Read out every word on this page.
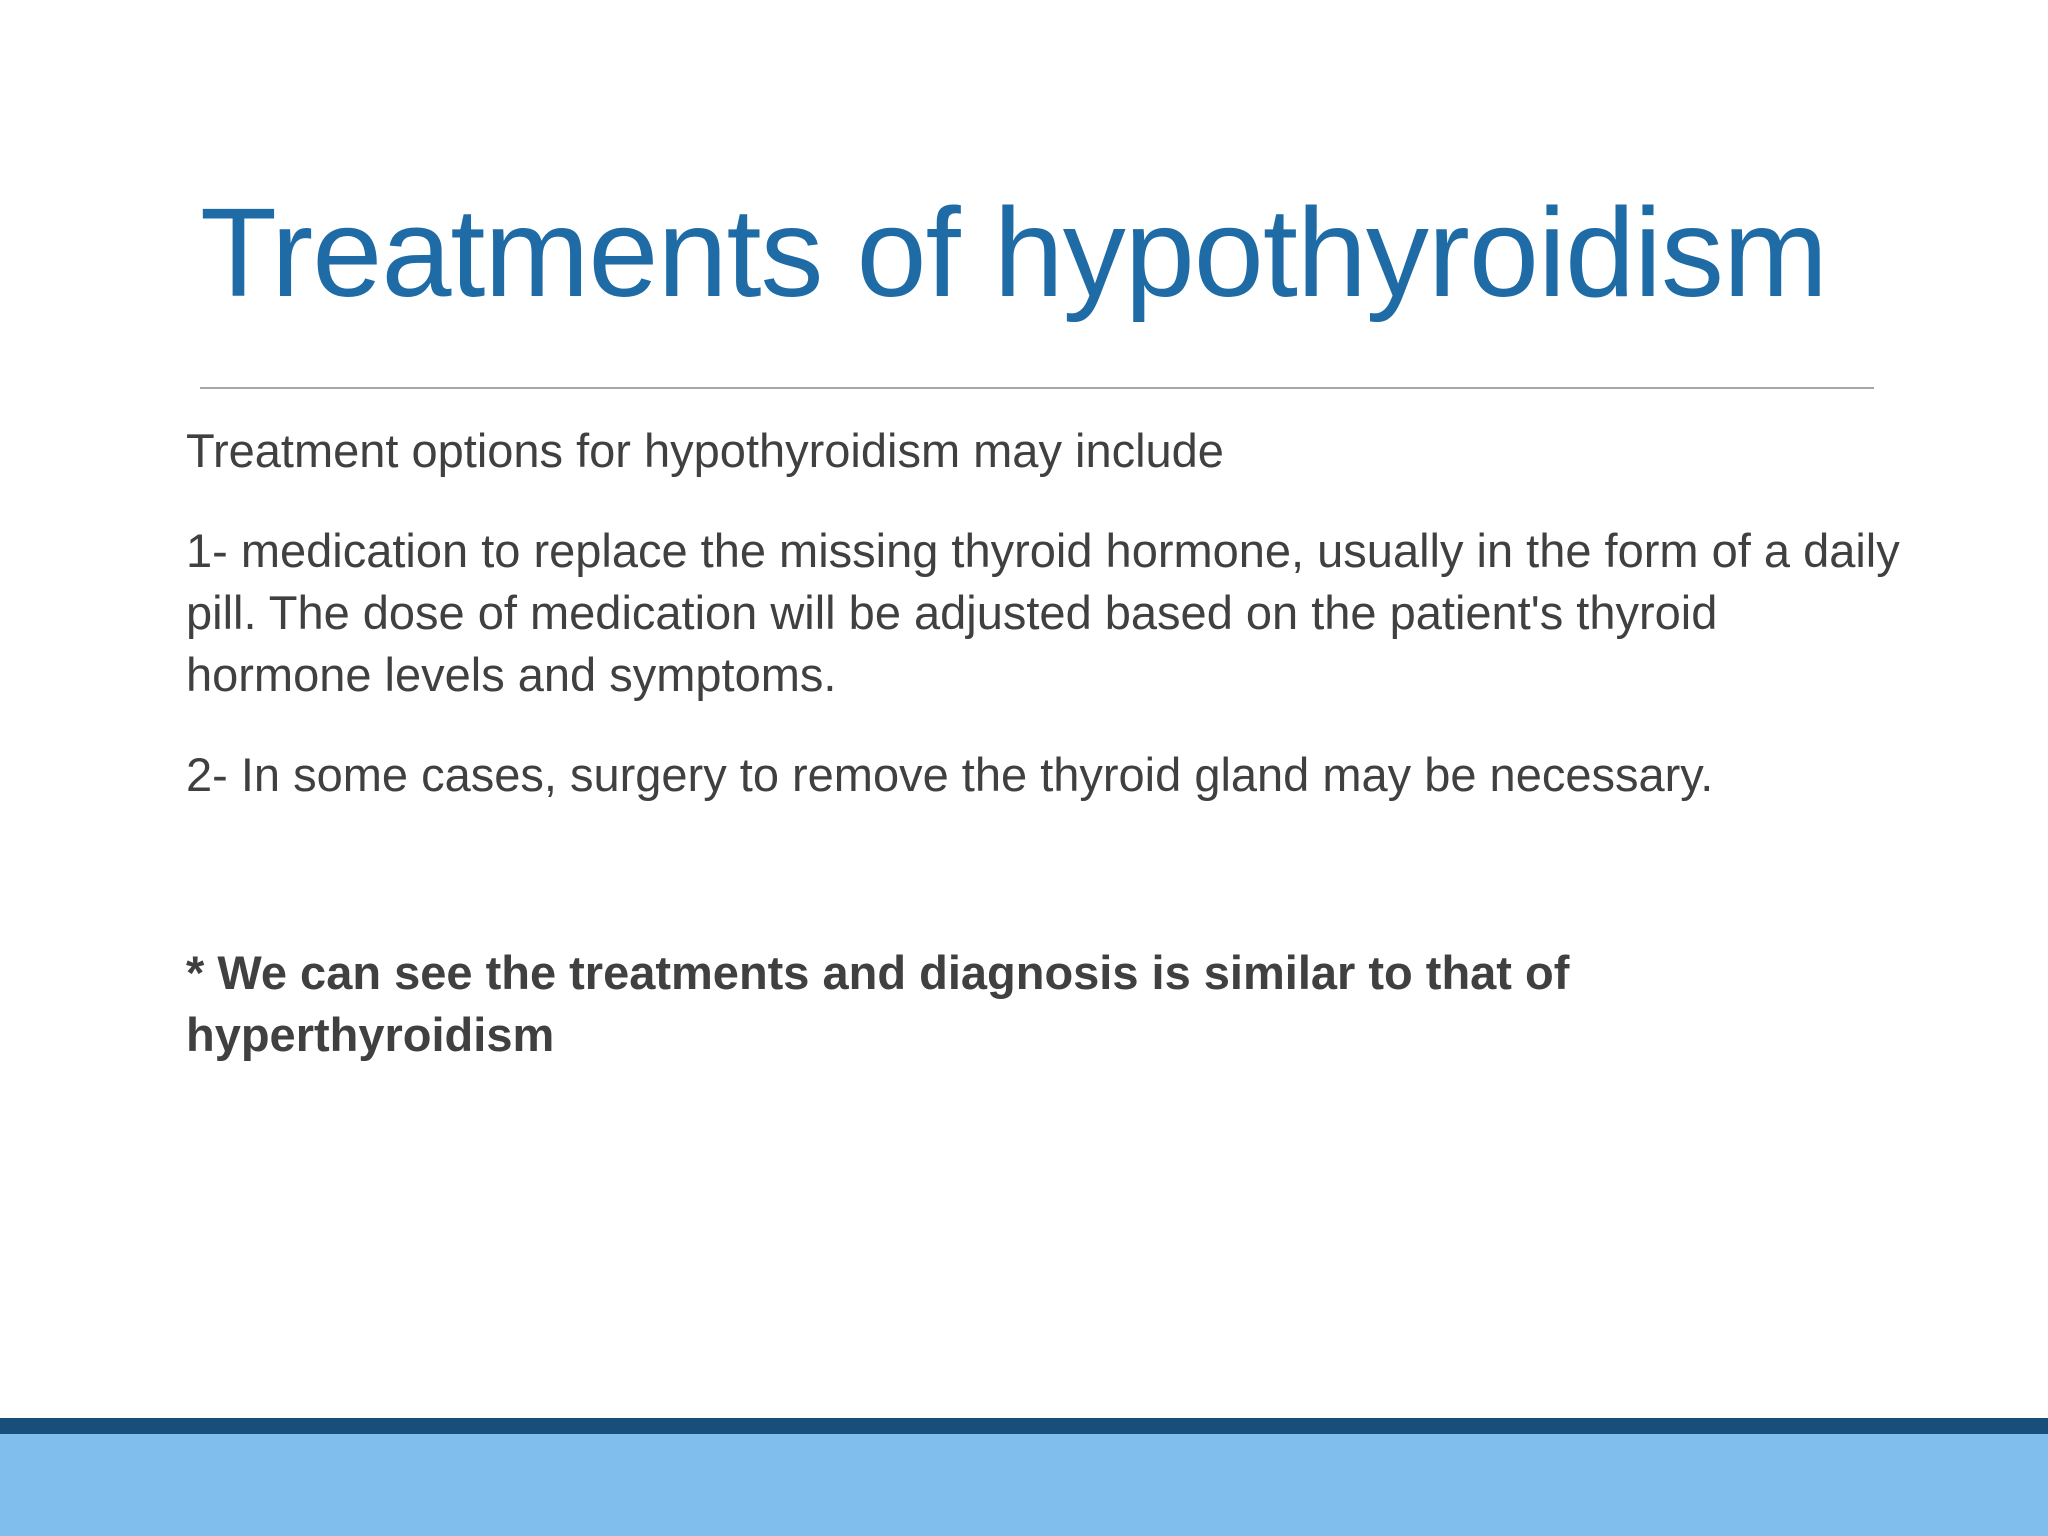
Treatments of hypothyroidism

Treatment options for hypothyroidism may include

1- medication to replace the missing thyroid hormone, usually in the form of a daily pill. The dose of medication will be adjusted based on the patient's thyroid hormone levels and symptoms.

2- In some cases, surgery to remove the thyroid gland may be necessary.

* We can see the treatments and diagnosis is similar to that of hyperthyroidism
